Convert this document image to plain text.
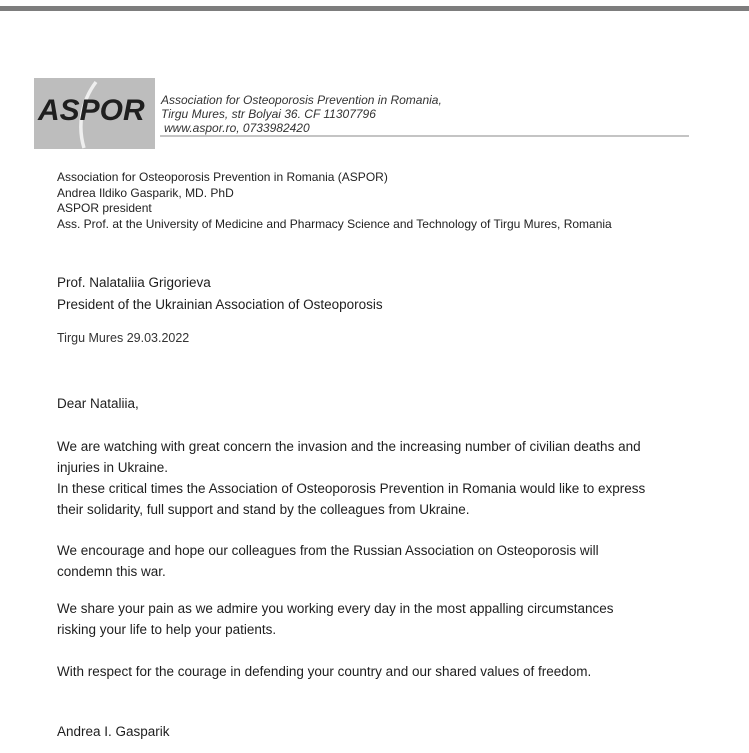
ASPOR Association for Osteoporosis Prevention in Romania,
Tirgu Mures, str Bolyai 36. CF 11307796
www.aspor.ro, 0733982420
Association for Osteoporosis Prevention in Romania (ASPOR)
Andrea Ildiko Gasparik, MD. PhD
ASPOR president
Ass. Prof. at the University of Medicine and Pharmacy Science and Technology of Tirgu Mures, Romania
Prof. Nalataliia Grigorieva
President of the Ukrainian Association of Osteoporosis
Tirgu Mures 29.03.2022
Dear Nataliia,
We are watching with great concern the invasion and the increasing number of civilian deaths and
injuries in Ukraine.
In these critical times the Association of Osteoporosis Prevention in Romania would like to express
their solidarity, full support and stand by the colleagues from Ukraine.
We encourage and hope our colleagues from the Russian Association on Osteoporosis will
condemn this war.
We share your pain as we admire you working every day in the most appalling circumstances
risking your life to help your patients.
With respect for the courage in defending your country and our shared values of freedom.
Andrea I. Gasparik
